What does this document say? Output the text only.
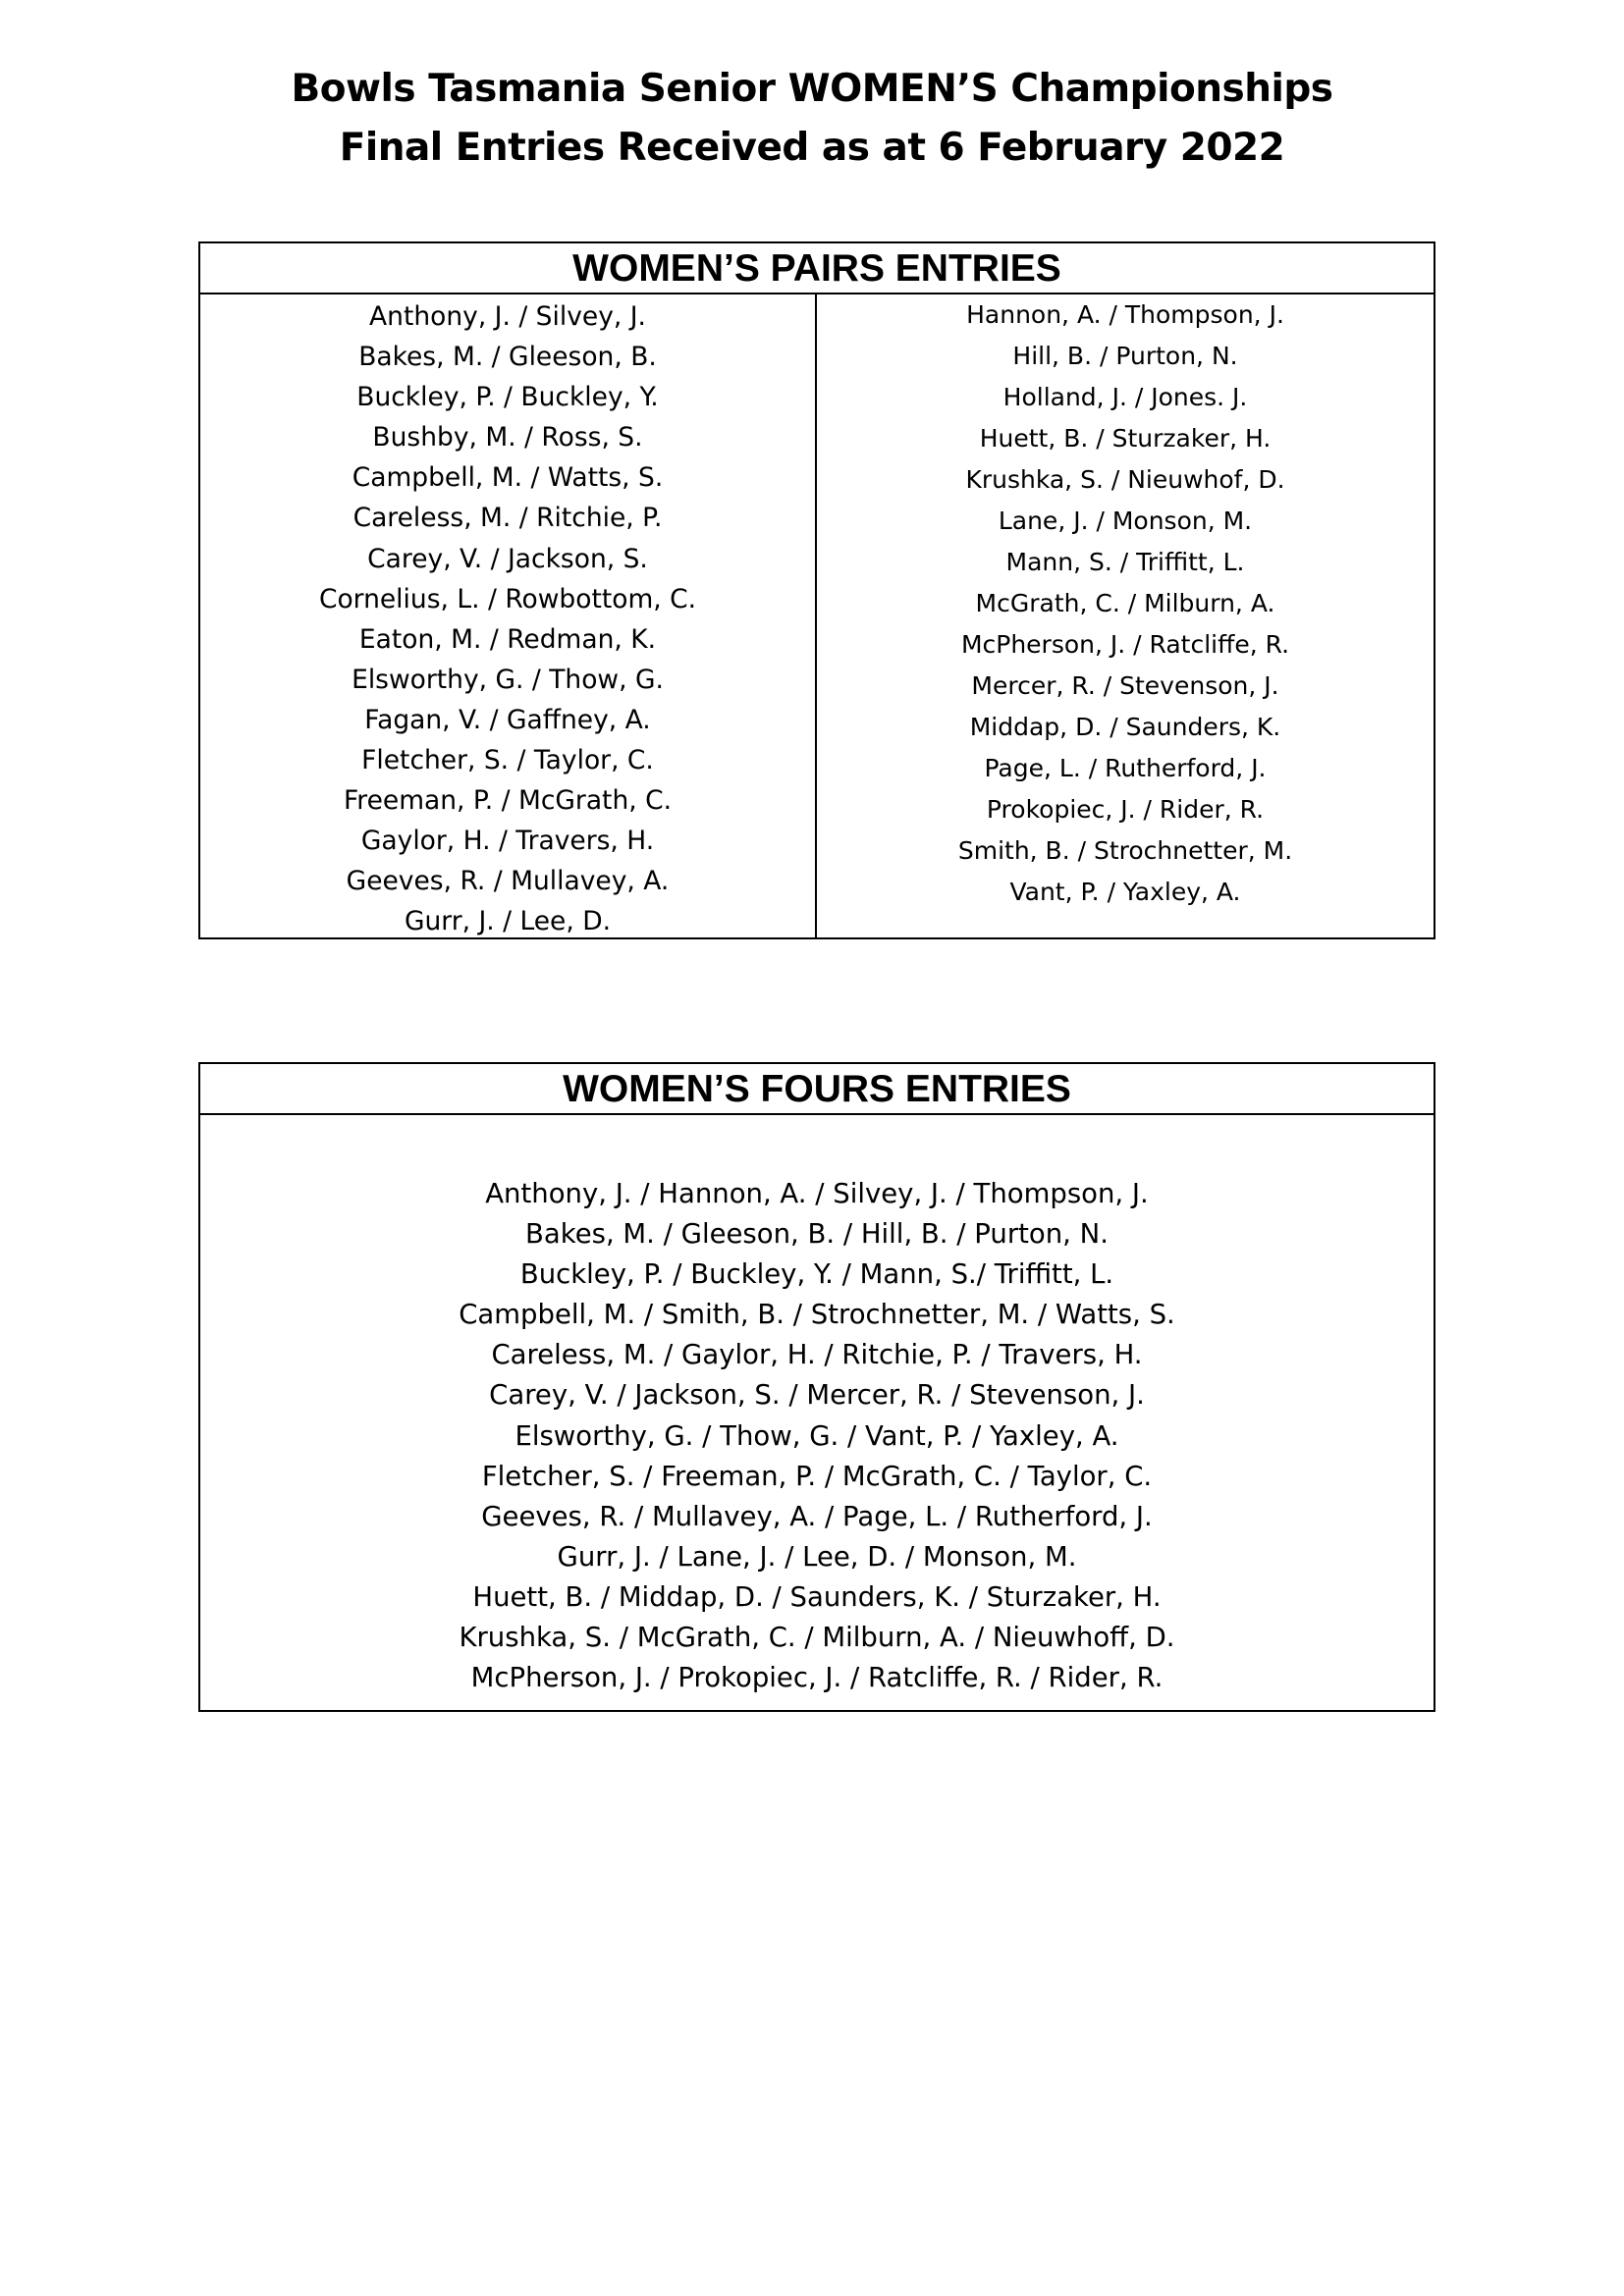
Bowls Tasmania Senior WOMEN’S Championships
Final Entries Received as at 6 February 2022
WOMEN’S PAIRS ENTRIES
Anthony, J. / Silvey, J.
Bakes, M. / Gleeson, B.
Buckley, P. / Buckley, Y.
Bushby, M. / Ross, S.
Campbell, M. / Watts, S.
Careless, M. / Ritchie, P.
Carey, V. / Jackson, S.
Cornelius, L. / Rowbottom, C.
Eaton, M. / Redman, K.
Elsworthy, G. / Thow, G.
Fagan, V. / Gaffney, A.
Fletcher, S. / Taylor, C.
Freeman, P. / McGrath, C.
Gaylor, H. / Travers, H.
Geeves, R. / Mullavey, A.
Gurr, J. / Lee, D.
Hannon, A. / Thompson, J.
Hill, B. / Purton, N.
Holland, J. / Jones. J.
Huett, B. / Sturzaker, H.
Krushka, S. / Nieuwhof, D.
Lane, J. / Monson, M.
Mann, S. / Triffitt, L.
McGrath, C. / Milburn, A.
McPherson, J. / Ratcliffe, R.
Mercer, R. / Stevenson, J.
Middap, D. / Saunders, K.
Page, L. / Rutherford, J.
Prokopiec, J. / Rider, R.
Smith, B. / Strochnetter, M.
Vant, P. / Yaxley, A.
WOMEN’S FOURS ENTRIES
Anthony, J. / Hannon, A. / Silvey, J. / Thompson, J.
Bakes, M. / Gleeson, B. / Hill, B. / Purton, N.
Buckley, P. / Buckley, Y. / Mann, S./ Triffitt, L.
Campbell, M. / Smith, B. / Strochnetter, M. / Watts, S.
Careless, M. / Gaylor, H. / Ritchie, P. / Travers, H.
Carey, V. / Jackson, S. / Mercer, R. / Stevenson, J.
Elsworthy, G. / Thow, G. / Vant, P. / Yaxley, A.
Fletcher, S. / Freeman, P. / McGrath, C. / Taylor, C.
Geeves, R. / Mullavey, A. / Page, L. / Rutherford, J.
Gurr, J. / Lane, J. / Lee, D. / Monson, M.
Huett, B. / Middap, D. / Saunders, K. / Sturzaker, H.
Krushka, S. / McGrath, C. / Milburn, A. / Nieuwhoff, D.
McPherson, J. / Prokopiec, J. / Ratcliffe, R. / Rider, R.
